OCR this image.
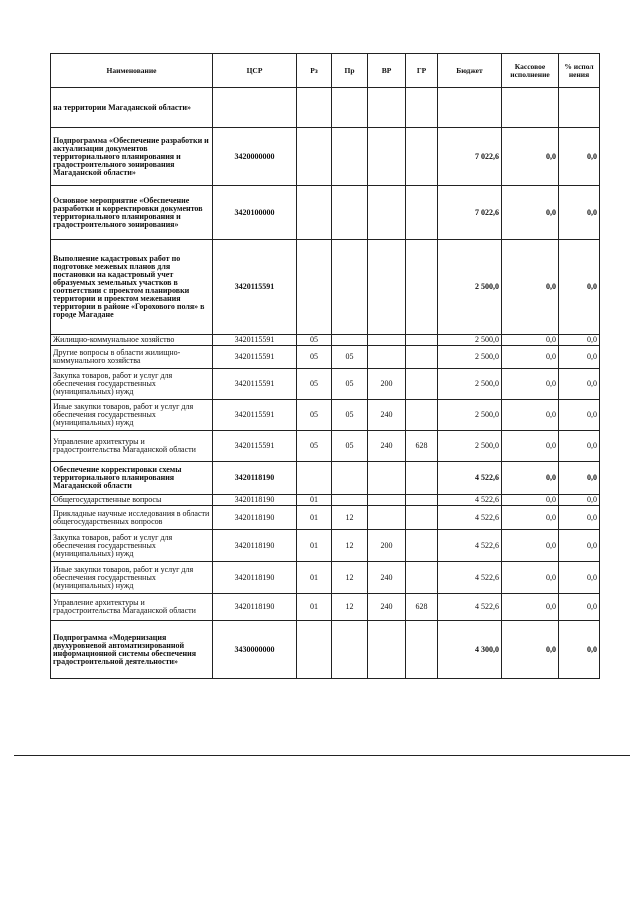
Наименование	ЦСР	Рз	Пр	ВР	ГР	Бюджет	Кассовое исполнение	% испол нения
на территории Магаданской области»								
Подпрограмма «Обеспечение разработки и актуализации документов территориального планирования и градостроительного зонирования Магаданской области»	3420000000					7 022,6	0,0	0,0
Основное мероприятие «Обеспечение разработки и корректировки документов территориального планирования и градостроительного зонирования»	3420100000					7 022,6	0,0	0,0
Выполнение кадастровых работ по подготовке межевых планов для постановки на кадастровый учет образуемых земельных участков в соответствии с проектом планировки территории и проектом межевания территории в районе «Горохового поля» в городе Магадане	3420115591					2 500,0	0,0	0,0
Жилищно-коммунальное хозяйство	3420115591	05				2 500,0	0,0	0,0
Другие вопросы в области жилищно-коммунального хозяйства	3420115591	05	05			2 500,0	0,0	0,0
Закупка товаров, работ и услуг для обеспечения государственных (муниципальных) нужд	3420115591	05	05	200		2 500,0	0,0	0,0
Иные закупки товаров, работ и услуг для обеспечения государственных (муниципальных) нужд	3420115591	05	05	240		2 500,0	0,0	0,0
Управление архитектуры и градостроительства Магаданской области	3420115591	05	05	240	628	2 500,0	0,0	0,0
Обеспечение корректировки схемы территориального планирования Магаданской области	3420118190					4 522,6	0,0	0,0
Общегосударственные вопросы	3420118190	01				4 522,6	0,0	0,0
Прикладные научные исследования в области общегосударственных вопросов	3420118190	01	12			4 522,6	0,0	0,0
Закупка товаров, работ и услуг для обеспечения государственных (муниципальных) нужд	3420118190	01	12	200		4 522,6	0,0	0,0
Иные закупки товаров, работ и услуг для обеспечения государственных (муниципальных) нужд	3420118190	01	12	240		4 522,6	0,0	0,0
Управление архитектуры и градостроительства Магаданской области	3420118190	01	12	240	628	4 522,6	0,0	0,0
Подпрограмма «Модернизация двухуровневой автоматизированной информационной системы обеспечения градостроительной деятельности»	3430000000					4 300,0	0,0	0,0
